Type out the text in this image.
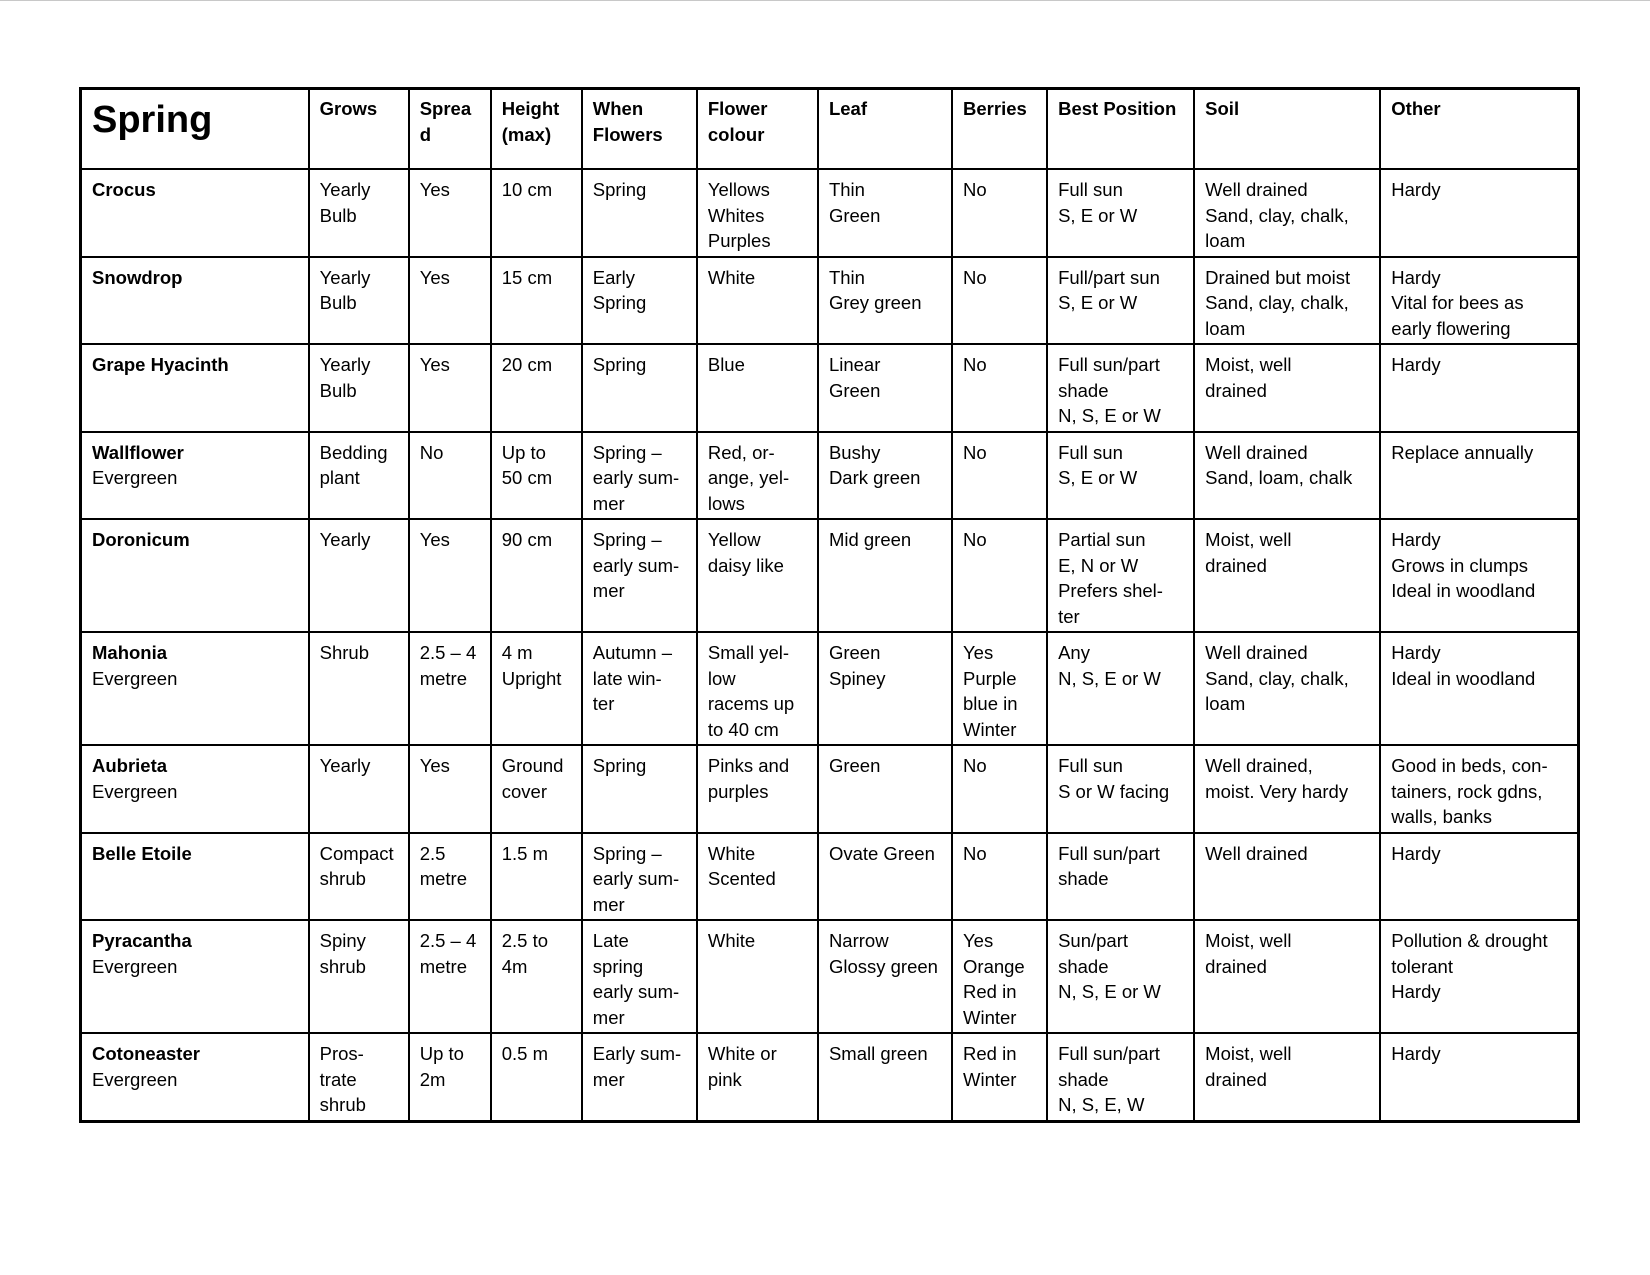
Spring	Grows	Sprea
d	Height
(max)	When
Flowers	Flower
colour	Leaf	Berries	Best Position	Soil	Other

Crocus	Yearly
Bulb	Yes	10 cm	Spring	Yellows
Whites
Purples	Thin
Green	No	Full sun
S, E or W	Well drained
Sand, clay, chalk,
loam	Hardy

Snowdrop	Yearly
Bulb	Yes	15 cm	Early
Spring	White	Thin
Grey green	No	Full/part sun
S, E or W	Drained but moist
Sand, clay, chalk,
loam	Hardy
Vital for bees as
early flowering

Grape Hyacinth	Yearly
Bulb	Yes	20 cm	Spring	Blue	Linear
Green	No	Full sun/part
shade
N, S, E or W	Moist, well
drained	Hardy

Wallflower
Evergreen	Bedding
plant	No	Up to
50 cm	Spring –
early sum-
mer	Red, or-
ange, yel-
lows	Bushy
Dark green	No	Full sun
S, E or W	Well drained
Sand, loam, chalk	Replace annually

Doronicum	Yearly	Yes	90 cm	Spring –
early sum-
mer	Yellow
daisy like	Mid green	No	Partial sun
E, N or W
Prefers shel-
ter	Moist, well
drained	Hardy
Grows in clumps
Ideal in woodland

Mahonia
Evergreen	Shrub	2.5 – 4
metre	4 m
Upright	Autumn –
late win-
ter	Small yel-
low
racems up
to 40 cm	Green
Spiney	Yes
Purple
blue in
Winter	Any
N, S, E or W	Well drained
Sand, clay, chalk,
loam	Hardy
Ideal in woodland

Aubrieta
Evergreen	Yearly	Yes	Ground
cover	Spring	Pinks and
purples	Green	No	Full sun
S or W facing	Well drained,
moist. Very hardy	Good in beds, con-
tainers, rock gdns,
walls, banks

Belle Etoile	Compact
shrub	2.5
metre	1.5 m	Spring –
early sum-
mer	White
Scented	Ovate Green	No	Full sun/part
shade	Well drained	Hardy

Pyracantha
Evergreen	Spiny
shrub	2.5 – 4
metre	2.5 to
4m	Late
spring
early sum-
mer	White	Narrow
Glossy green	Yes
Orange
Red in
Winter	Sun/part
shade
N, S, E or W	Moist, well
drained	Pollution & drought
tolerant
Hardy

Cotoneaster
Evergreen	Pros-
trate
shrub	Up to
2m	0.5 m	Early sum-
mer	White or
pink	Small green	Red in
Winter	Full sun/part
shade
N, S, E, W	Moist, well
drained	Hardy
